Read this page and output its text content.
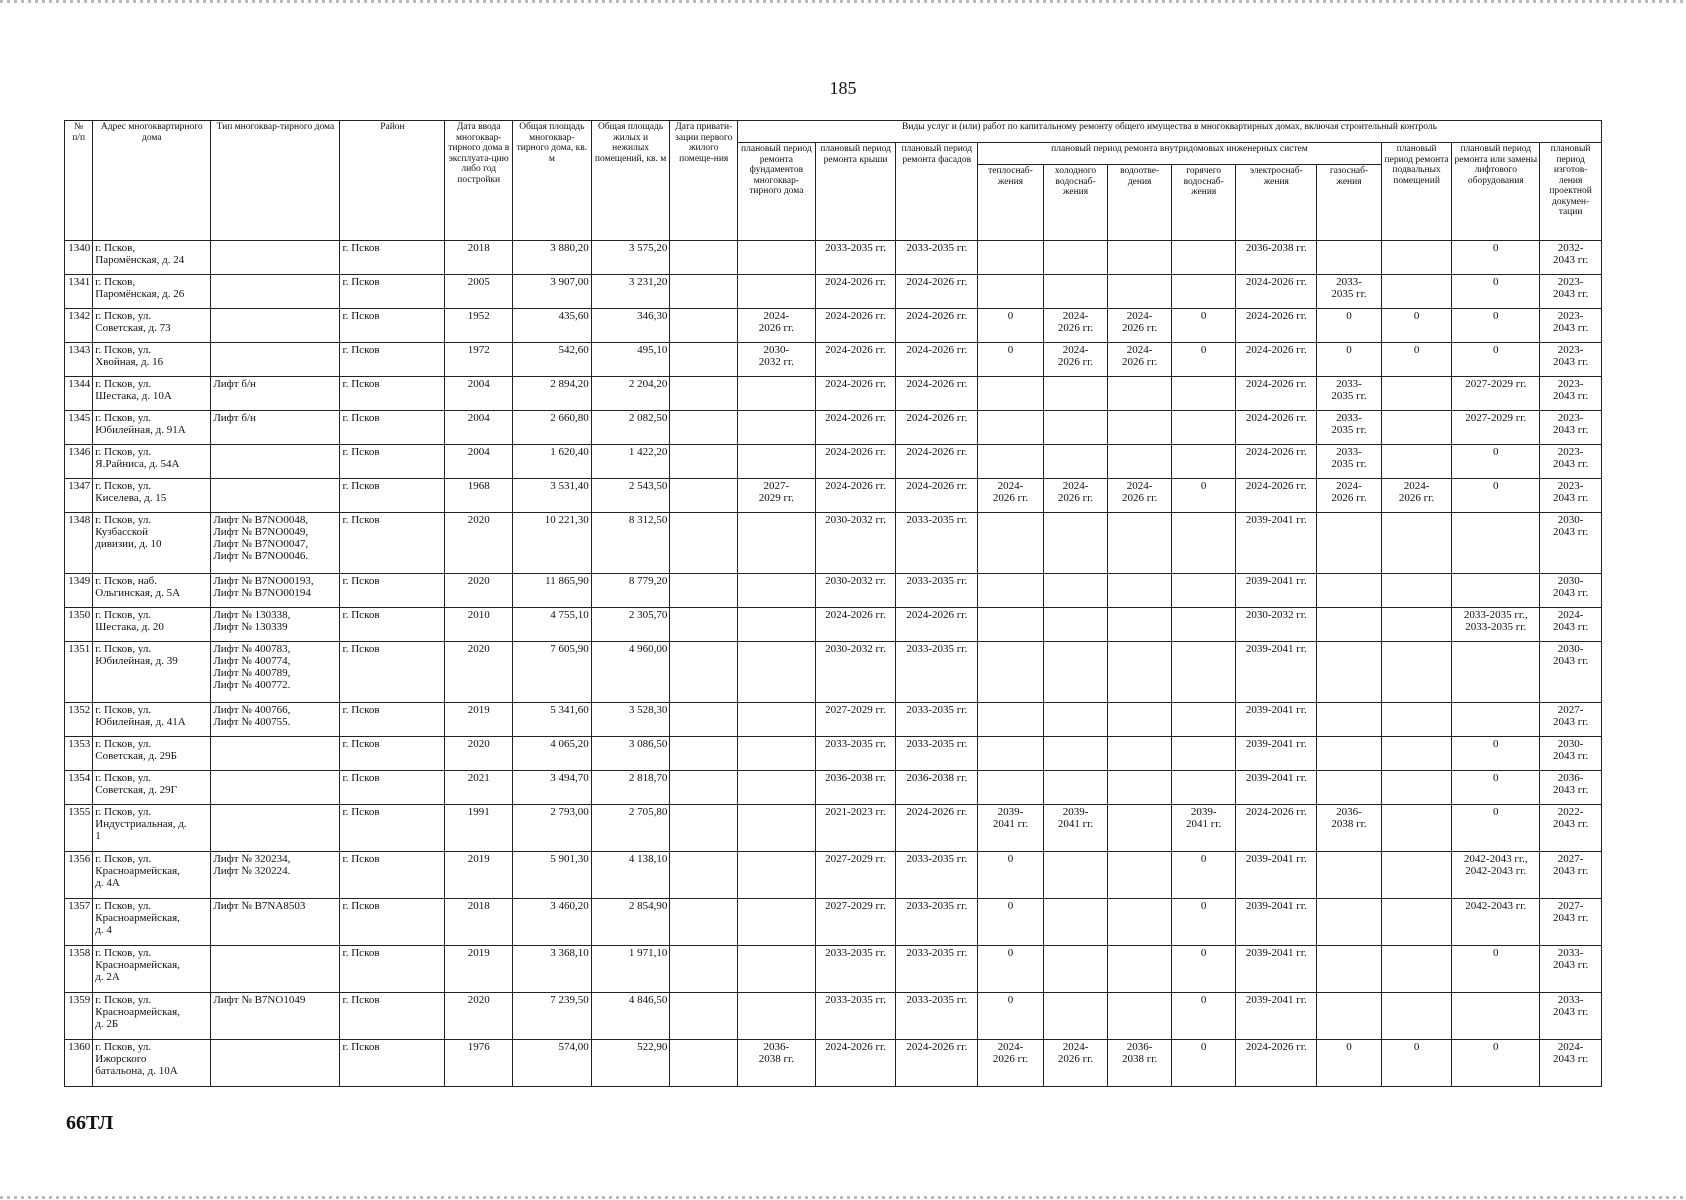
185
№
п/п	Адрес многоквартирного дома	Тип многоквар-тирного дома	Район	Дата ввода многоквар-тирного дома в эксплуата-цию либо год постройки	Общая площадь многоквар-тирного дома, кв. м	Общая площадь жилых и нежилых помещений, кв. м	Дата привати-зации первого жилого помеще-ния	Виды услуг и (или) работ по капитальному ремонту общего имущества в многоквартирных домах, включая строительный контроль											
								плановый период ремонта фундаментов многоквар-тирного дома	плановый период ремонта крыши	плановый период ремонта фасадов	плановый период ремонта внутридомовых инженерных систем						плановый период ремонта подвальных помещений	плановый период ремонта или замены лифтового оборудования	плановый период изготов-ления проектной докумен-тации
											теплоснаб-жения	холодного водоснаб-жения	водоотве-дения	горячего водоснаб-жения	электроснаб-жения	газоснаб-жения			
1340	г. Псков,
Паромёнская, д. 24		г. Псков	2018	3 880,20	3 575,20			2033-2035 гг.	2033-2035 гг.					2036-2038 гг.			0	2032-
2043 гг.
1341	г. Псков,
Паромёнская, д. 26		г. Псков	2005	3 907,00	3 231,20			2024-2026 гг.	2024-2026 гг.					2024-2026 гг.	2033-
2035 гг.		0	2023-
2043 гг.
1342	г. Псков, ул.
Советская, д. 73		г. Псков	1952	435,60	346,30		2024-
2026 гг.	2024-2026 гг.	2024-2026 гг.	0	2024-
2026 гг.	2024-
2026 гг.	0	2024-2026 гг.	0	0	0	2023-
2043 гг.
1343	г. Псков, ул.
Хвойная, д. 16		г. Псков	1972	542,60	495,10		2030-
2032 гг.	2024-2026 гг.	2024-2026 гг.	0	2024-
2026 гг.	2024-
2026 гг.	0	2024-2026 гг.	0	0	0	2023-
2043 гг.
1344	г. Псков, ул.
Шестака, д. 10А	Лифт б/н	г. Псков	2004	2 894,20	2 204,20			2024-2026 гг.	2024-2026 гг.					2024-2026 гг.	2033-
2035 гг.		2027-2029 гг.	2023-
2043 гг.
1345	г. Псков, ул.
Юбилейная, д. 91А	Лифт б/н	г. Псков	2004	2 660,80	2 082,50			2024-2026 гг.	2024-2026 гг.					2024-2026 гг.	2033-
2035 гг.		2027-2029 гг.	2023-
2043 гг.
1346	г. Псков, ул.
Я.Райниса, д. 54А		г. Псков	2004	1 620,40	1 422,20			2024-2026 гг.	2024-2026 гг.					2024-2026 гг.	2033-
2035 гг.		0	2023-
2043 гг.
1347	г. Псков, ул.
Киселева, д. 15		г. Псков	1968	3 531,40	2 543,50		2027-
2029 гг.	2024-2026 гг.	2024-2026 гг.	2024-
2026 гг.	2024-
2026 гг.	2024-
2026 гг.	0	2024-2026 гг.	2024-
2026 гг.	2024-
2026 гг.	0	2023-
2043 гг.
1348	г. Псков, ул.
Кузбасской
дивизии, д. 10	Лифт № В7NO0048,
Лифт № В7NO0049,
Лифт № В7NO0047,
Лифт № В7NO0046.	г. Псков	2020	10 221,30	8 312,50			2030-2032 гг.	2033-2035 гг.					2039-2041 гг.				2030-
2043 гг.
1349	г. Псков, наб.
Ольгинская, д. 5А	Лифт № В7NO00193,
Лифт № В7NO00194	г. Псков	2020	11 865,90	8 779,20			2030-2032 гг.	2033-2035 гг.					2039-2041 гг.				2030-
2043 гг.
1350	г. Псков, ул.
Шестака, д. 20	Лифт № 130338,
Лифт № 130339	г. Псков	2010	4 755,10	2 305,70			2024-2026 гг.	2024-2026 гг.					2030-2032 гг.			2033-2035 гг.,
2033-2035 гг.	2024-
2043 гг.
1351	г. Псков, ул.
Юбилейная, д. 39	Лифт № 400783,
Лифт № 400774,
Лифт № 400789,
Лифт № 400772.	г. Псков	2020	7 605,90	4 960,00			2030-2032 гг.	2033-2035 гг.					2039-2041 гг.				2030-
2043 гг.
1352	г. Псков, ул.
Юбилейная, д. 41А	Лифт № 400766,
Лифт № 400755.	г. Псков	2019	5 341,60	3 528,30			2027-2029 гг.	2033-2035 гг.					2039-2041 гг.				2027-
2043 гг.
1353	г. Псков, ул.
Советская, д. 29Б		г. Псков	2020	4 065,20	3 086,50			2033-2035 гг.	2033-2035 гг.					2039-2041 гг.			0	2030-
2043 гг.
1354	г. Псков, ул.
Советская, д. 29Г		г. Псков	2021	3 494,70	2 818,70			2036-2038 гг.	2036-2038 гг.					2039-2041 гг.			0	2036-
2043 гг.
1355	г. Псков, ул.
Индустриальная, д.
1		г. Псков	1991	2 793,00	2 705,80			2021-2023 гг.	2024-2026 гг.	2039-
2041 гг.	2039-
2041 гг.		2039-
2041 гг.	2024-2026 гг.	2036-
2038 гг.		0	2022-
2043 гг.
1356	г. Псков, ул.
Красноармейская,
д. 4А	Лифт № 320234,
Лифт № 320224.	г. Псков	2019	5 901,30	4 138,10			2027-2029 гг.	2033-2035 гг.	0			0	2039-2041 гг.			2042-2043 гг.,
2042-2043 гг.	2027-
2043 гг.
1357	г. Псков, ул.
Красноармейская,
д. 4	Лифт № В7NA8503	г. Псков	2018	3 460,20	2 854,90			2027-2029 гг.	2033-2035 гг.	0			0	2039-2041 гг.			2042-2043 гг.	2027-
2043 гг.
1358	г. Псков, ул.
Красноармейская,
д. 2А		г. Псков	2019	3 368,10	1 971,10			2033-2035 гг.	2033-2035 гг.	0			0	2039-2041 гг.			0	2033-
2043 гг.
1359	г. Псков, ул.
Красноармейская,
д. 2Б	Лифт № В7NO1049	г. Псков	2020	7 239,50	4 846,50			2033-2035 гг.	2033-2035 гг.	0			0	2039-2041 гг.				2033-
2043 гг.
1360	г. Псков, ул.
Ижорского
батальона, д. 10А		г. Псков	1976	574,00	522,90		2036-
2038 гг.	2024-2026 гг.	2024-2026 гг.	2024-
2026 гг.	2024-
2026 гг.	2036-
2038 гг.	0	2024-2026 гг.	0	0	0	2024-
2043 гг.
66ТЛ
